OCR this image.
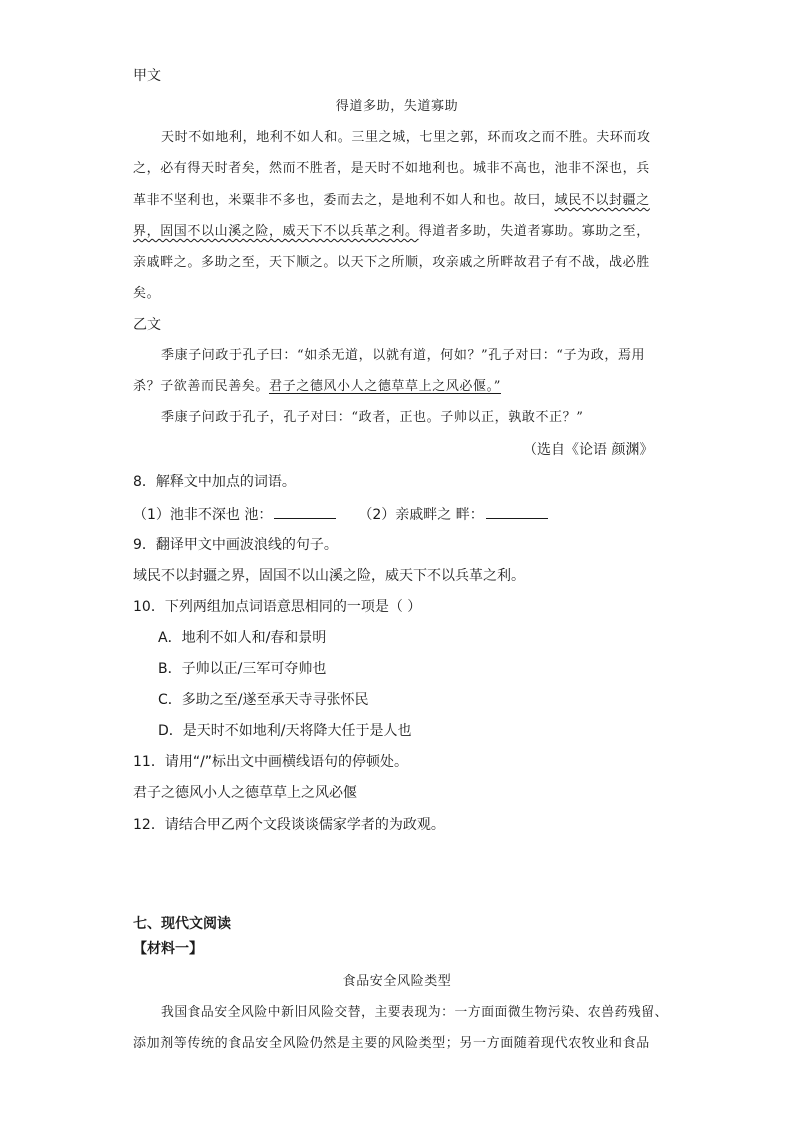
甲文
得道多助，失道寡助
天时不如地利，地利不如人和。三里之城，七里之郭，环而攻之而不胜。夫环而攻
之，必有得天时者矣，然而不胜者，是天时不如地利也。城非不高也，池非不深也，兵
革非不坚利也，米粟非不多也，委而去之，是地利不如人和也。故曰，域民不以封疆之
界，固国不以山溪之险，威天下不以兵革之利。得道者多助，失道者寡助。寡助之至，
亲戚畔之。多助之至，天下顺之。以天下之所顺，攻亲戚之所畔故君子有不战，战必胜
矣。
乙文
季康子问政于孔子曰：“如杀无道，以就有道，何如？”孔子对曰：“子为政，焉用
杀？子欲善而民善矣。君子之德风小人之德草草上之风必偃。”
季康子问政于孔子，孔子对曰：“政者，正也。子帅以正，孰敢不正？”
（选自《论语 颜渊》
8．解释文中加点的词语。
（1）池非不深也 池：	（2）亲戚畔之 畔：
9．翻译甲文中画波浪线的句子。
域民不以封疆之界，固国不以山溪之险，威天下不以兵革之利。
10．下列两组加点词语意思相同的一项是（ ）
A．地利不如人和/春和景明
B．子帅以正/三军可夺帅也
C．多助之至/遂至承天寺寻张怀民
D．是天时不如地利/天将降大任于是人也
11．请用“/”标出文中画横线语句的停顿处。
君子之德风小人之德草草上之风必偃
12．请结合甲乙两个文段谈谈儒家学者的为政观。
七、现代文阅读
【材料一】
食品安全风险类型
我国食品安全风险中新旧风险交替，主要表现为：一方面面微生物污染、农兽药残留、
添加剂等传统的食品安全风险仍然是主要的风险类型；另一方面随着现代农牧业和食品
